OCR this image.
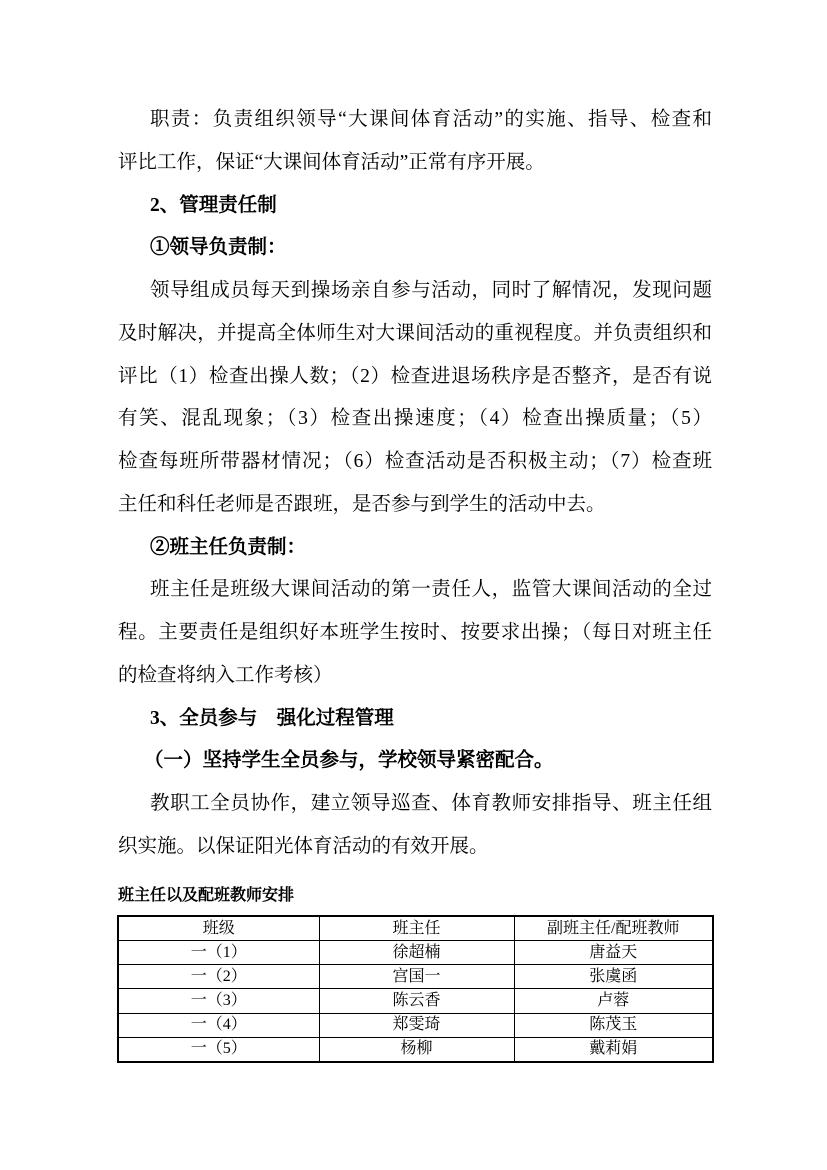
职责：负责组织领导“大课间体育活动”的实施、指导、检查和
评比工作，保证“大课间体育活动”正常有序开展。
2、管理责任制
①领导负责制：
领导组成员每天到操场亲自参与活动，同时了解情况，发现问题
及时解决，并提高全体师生对大课间活动的重视程度。并负责组织和
评比（1）检查出操人数；（2）检查进退场秩序是否整齐，是否有说
有笑、混乱现象；（3）检查出操速度；（4）检查出操质量；（5）
检查每班所带器材情况；（6）检查活动是否积极主动；（7）检查班
主任和科任老师是否跟班，是否参与到学生的活动中去。
②班主任负责制：
班主任是班级大课间活动的第一责任人，监管大课间活动的全过
程。主要责任是组织好本班学生按时、按要求出操；（每日对班主任
的检查将纳入工作考核）
3、全员参与　强化过程管理
（一）坚持学生全员参与，学校领导紧密配合。
教职工全员协作，建立领导巡查、体育教师安排指导、班主任组
织实施。以保证阳光体育活动的有效开展。
班主任以及配班教师安排
班级	班主任	副班主任/配班教师
一（1）	徐超楠	唐益天
一（2）	宫国一	张虞函
一（3）	陈云香	卢蓉
一（4）	郑雯琦	陈茂玉
一（5）	杨柳	戴莉娟
